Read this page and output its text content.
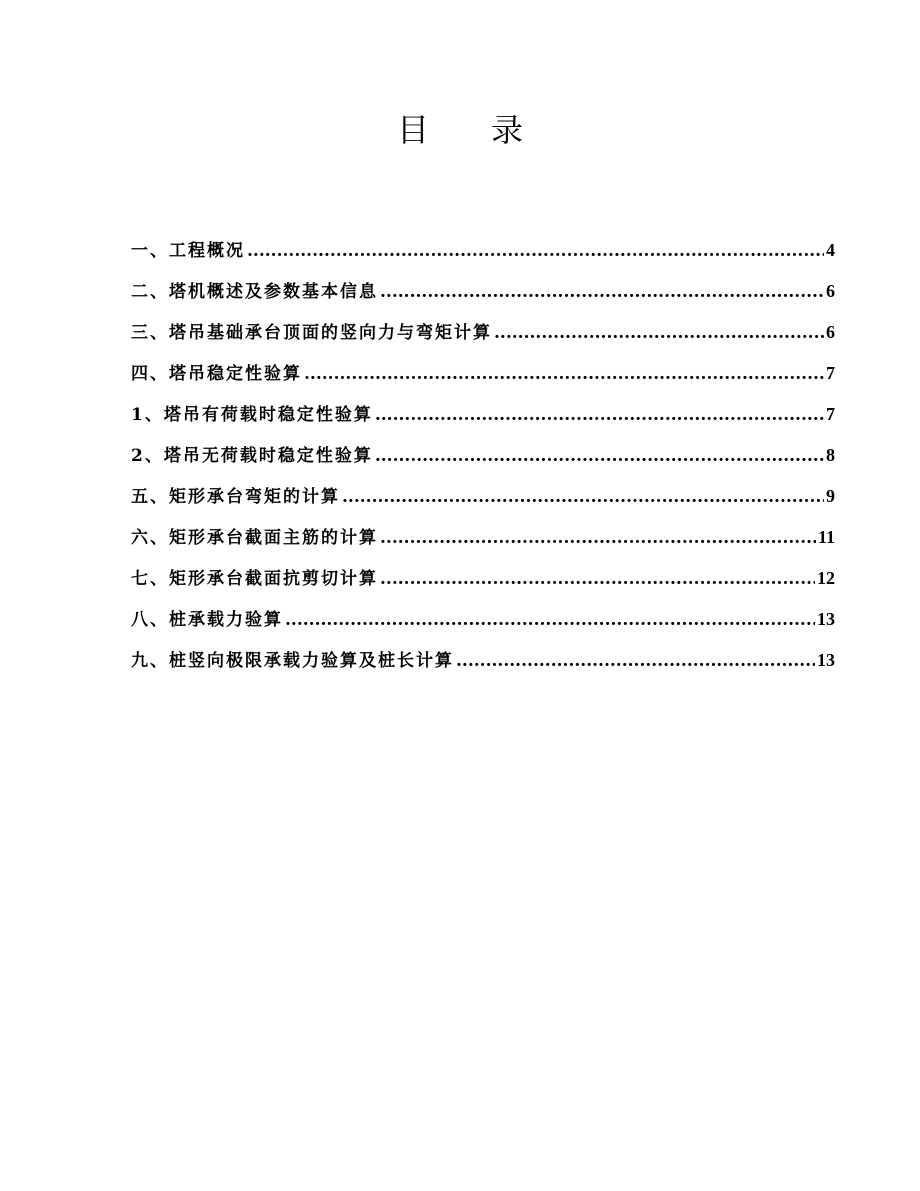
目录
一、工程概况 .....	4
二、塔机概述及参数基本信息 .....	6
三、塔吊基础承台顶面的竖向力与弯矩计算 .....	6
四、塔吊稳定性验算 .....	7
1、塔吊有荷载时稳定性验算 .....	7
2、塔吊无荷载时稳定性验算 .....	8
五、矩形承台弯矩的计算 .....	9
六、矩形承台截面主筋的计算 .....	11
七、矩形承台截面抗剪切计算 .....	12
八、桩承载力验算 .....	13
九、桩竖向极限承载力验算及桩长计算 .....	13
